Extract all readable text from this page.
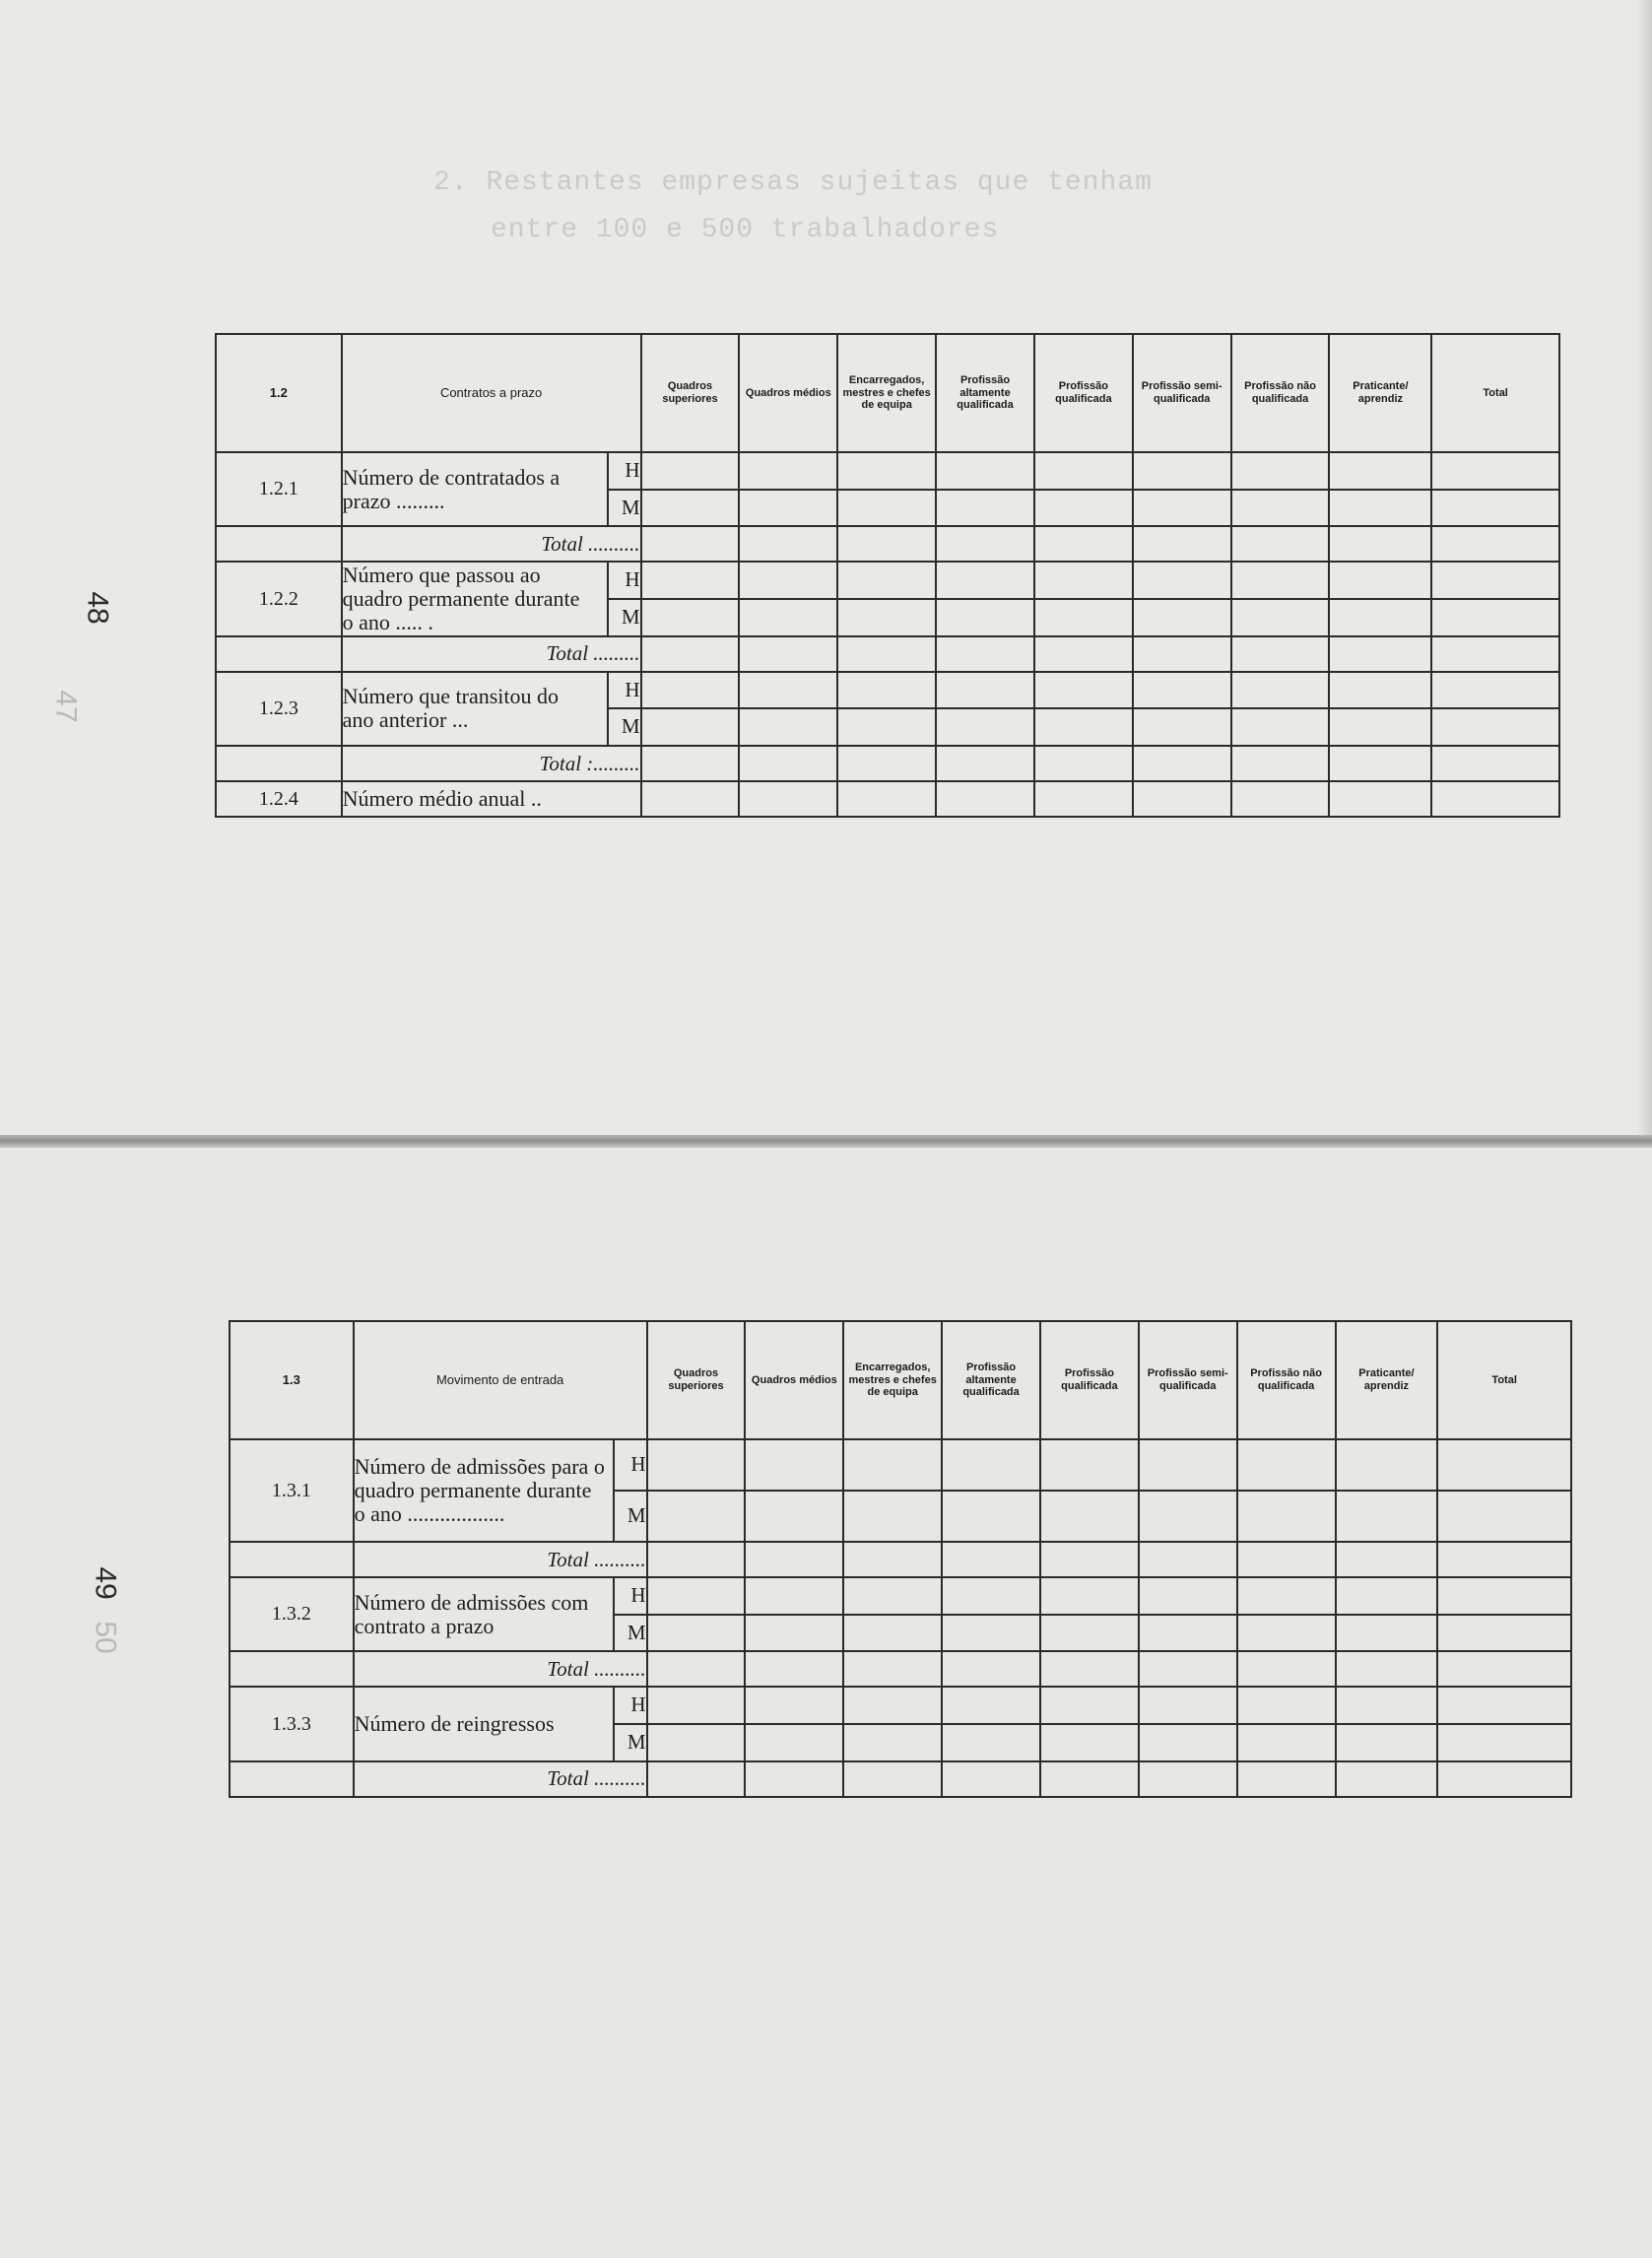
2. Restantes empresas sujeitas que tenham
entre 100 e 500 trabalhadores
48
47
1.2	Contratos a prazo		Quadros superiores	Quadros médios	Encarregados, mestres e chefes de equipa	Profissão altamente qualificada	Profissão qualificada	Profissão semi-qualificada	Profissão não qualificada	Praticante/ aprendiz	Total
1.2.1	Número de contratados a prazo .........	H									
		M									
	Total ..........										
1.2.2	Número que passou ao quadro permanente durante o ano ..... .	H									
		M									
	Total .........										
1.2.3	Número que transitou do ano anterior ...	H									
		M									
	Total :.........										
1.2.4	Número médio anual ..										
49
50
1.3	Movimento de entrada		Quadros superiores	Quadros médios	Encarregados, mestres e chefes de equipa	Profissão altamente qualificada	Profissão qualificada	Profissão semi-qualificada	Profissão não qualificada	Praticante/ aprendiz	Total
1.3.1	Número de admissões para o quadro permanente durante o ano ..................	H									
		M									
	Total ..........										
1.3.2	Número de admissões com contrato a prazo	H									
		M									
	Total ..........										
1.3.3	Número de reingressos	H									
		M									
	Total ..........										
